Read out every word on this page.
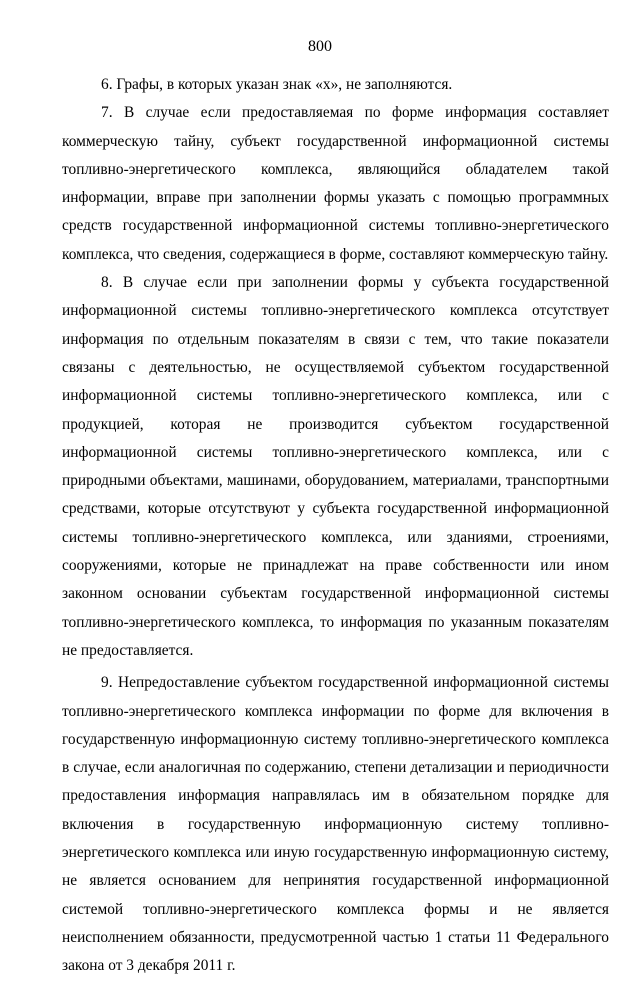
800

6. Графы, в которых указан знак «x», не заполняются.

7. В случае если предоставляемая по форме информация составляет коммерческую тайну, субъект государственной информационной системы топливно-энергетического комплекса, являющийся обладателем такой информации, вправе при заполнении формы указать с помощью программных средств государственной информационной системы топливно-энергетического комплекса, что сведения, содержащиеся в форме, составляют коммерческую тайну.

8. В случае если при заполнении формы у субъекта государственной информационной системы топливно-энергетического комплекса отсутствует информация по отдельным показателям в связи с тем, что такие показатели связаны с деятельностью, не осуществляемой субъектом государственной информационной системы топливно-энергетического комплекса, или с продукцией, которая не производится субъектом государственной информационной системы топливно-энергетического комплекса, или с природными объектами, машинами, оборудованием, материалами, транспортными средствами, которые отсутствуют у субъекта государственной информационной системы топливно-энергетического комплекса, или зданиями, строениями, сооружениями, которые не принадлежат на праве собственности или ином законном основании субъектам государственной информационной системы топливно-энергетического комплекса, то информация по указанным показателям не предоставляется.

9. Непредоставление субъектом государственной информационной системы топливно-энергетического комплекса информации по форме для включения в государственную информационную систему топливно-энергетического комплекса в случае, если аналогичная по содержанию, степени детализации и периодичности предоставления информация направлялась им в обязательном порядке для включения в государственную информационную систему топливно-энергетического комплекса или иную государственную информационную систему, не является основанием для непринятия государственной информационной системой топливно-энергетического комплекса формы и не является неисполнением обязанности, предусмотренной частью 1 статьи 11 Федерального закона от 3 декабря 2011 г.
